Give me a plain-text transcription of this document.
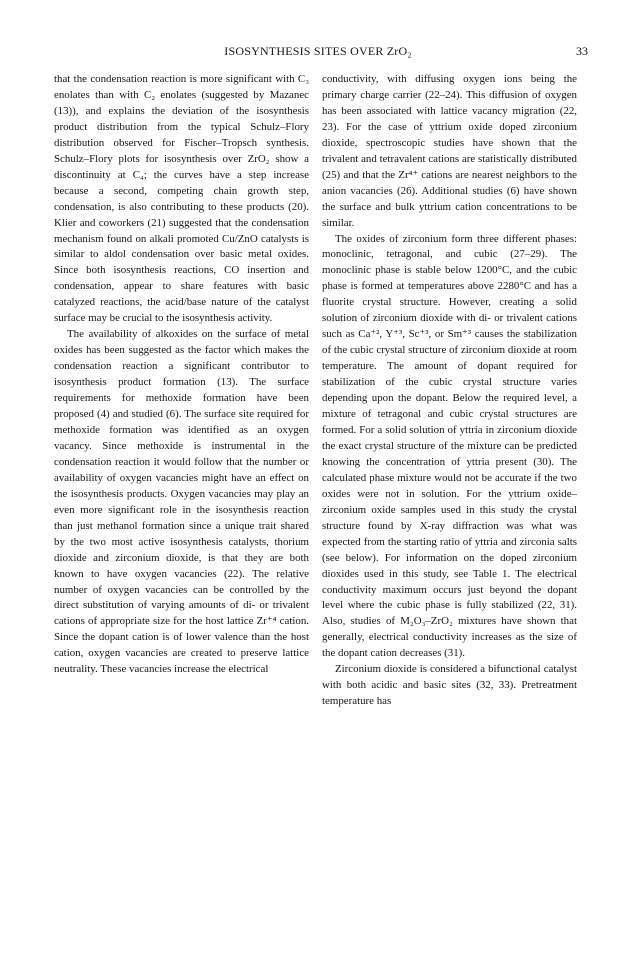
ISOSYNTHESIS SITES OVER ZrO₂	33

that the condensation reaction is more significant with C₃ enolates than with C₂ enolates (suggested by Mazanec (13)), and explains the deviation of the isosynthesis product distribution from the typical Schulz–Flory distribution observed for Fischer–Tropsch synthesis. Schulz–Flory plots for isosynthesis over ZrO₂ show a discontinuity at C₄; the curves have a step increase because a second, competing chain growth step, condensation, is also contributing to these products (20). Klier and coworkers (21) suggested that the condensation mechanism found on alkali promoted Cu/ZnO catalysts is similar to aldol condensation over basic metal oxides. Since both isosynthesis reactions, CO insertion and condensation, appear to share features with basic catalyzed reactions, the acid/base nature of the catalyst surface may be crucial to the isosynthesis activity.

The availability of alkoxides on the surface of metal oxides has been suggested as the factor which makes the condensation reaction a significant contributor to isosynthesis product formation (13). The surface requirements for methoxide formation have been proposed (4) and studied (6). The surface site required for methoxide formation was identified as an oxygen vacancy. Since methoxide is instrumental in the condensation reaction it would follow that the number or availability of oxygen vacancies might have an effect on the isosynthesis products. Oxygen vacancies may play an even more significant role in the isosynthesis reaction than just methanol formation since a unique trait shared by the two most active isosynthesis catalysts, thorium dioxide and zirconium dioxide, is that they are both known to have oxygen vacancies (22). The relative number of oxygen vacancies can be controlled by the direct substitution of varying amounts of di- or trivalent cations of appropriate size for the host lattice Zr⁺⁴ cation. Since the dopant cation is of lower valence than the host cation, oxygen vacancies are created to preserve lattice neutrality. These vacancies increase the electrical

conductivity, with diffusing oxygen ions being the primary charge carrier (22–24). This diffusion of oxygen has been associated with lattice vacancy migration (22, 23). For the case of yttrium oxide doped zirconium dioxide, spectroscopic studies have shown that the trivalent and tetravalent cations are statistically distributed (25) and that the Zr⁴⁺ cations are nearest neighbors to the anion vacancies (26). Additional studies (6) have shown the surface and bulk yttrium cation concentrations to be similar.

The oxides of zirconium form three different phases: monoclinic, tetragonal, and cubic (27–29). The monoclinic phase is stable below 1200°C, and the cubic phase is formed at temperatures above 2280°C and has a fluorite crystal structure. However, creating a solid solution of zirconium dioxide with di- or trivalent cations such as Ca⁺², Y⁺³, Sc⁺³, or Sm⁺³ causes the stabilization of the cubic crystal structure of zirconium dioxide at room temperature. The amount of dopant required for stabilization of the cubic crystal structure varies depending upon the dopant. Below the required level, a mixture of tetragonal and cubic crystal structures are formed. For a solid solution of yttria in zirconium dioxide the exact crystal structure of the mixture can be predicted knowing the concentration of yttria present (30). The calculated phase mixture would not be accurate if the two oxides were not in solution. For the yttrium oxide–zirconium oxide samples used in this study the crystal structure found by X-ray diffraction was what was expected from the starting ratio of yttria and zirconia salts (see below). For information on the doped zirconium dioxides used in this study, see Table 1. The electrical conductivity maximum occurs just beyond the dopant level where the cubic phase is fully stabilized (22, 31). Also, studies of M₂O₃–ZrO₂ mixtures have shown that generally, electrical conductivity increases as the size of the dopant cation decreases (31).

Zirconium dioxide is considered a bifunctional catalyst with both acidic and basic sites (32, 33). Pretreatment temperature has
